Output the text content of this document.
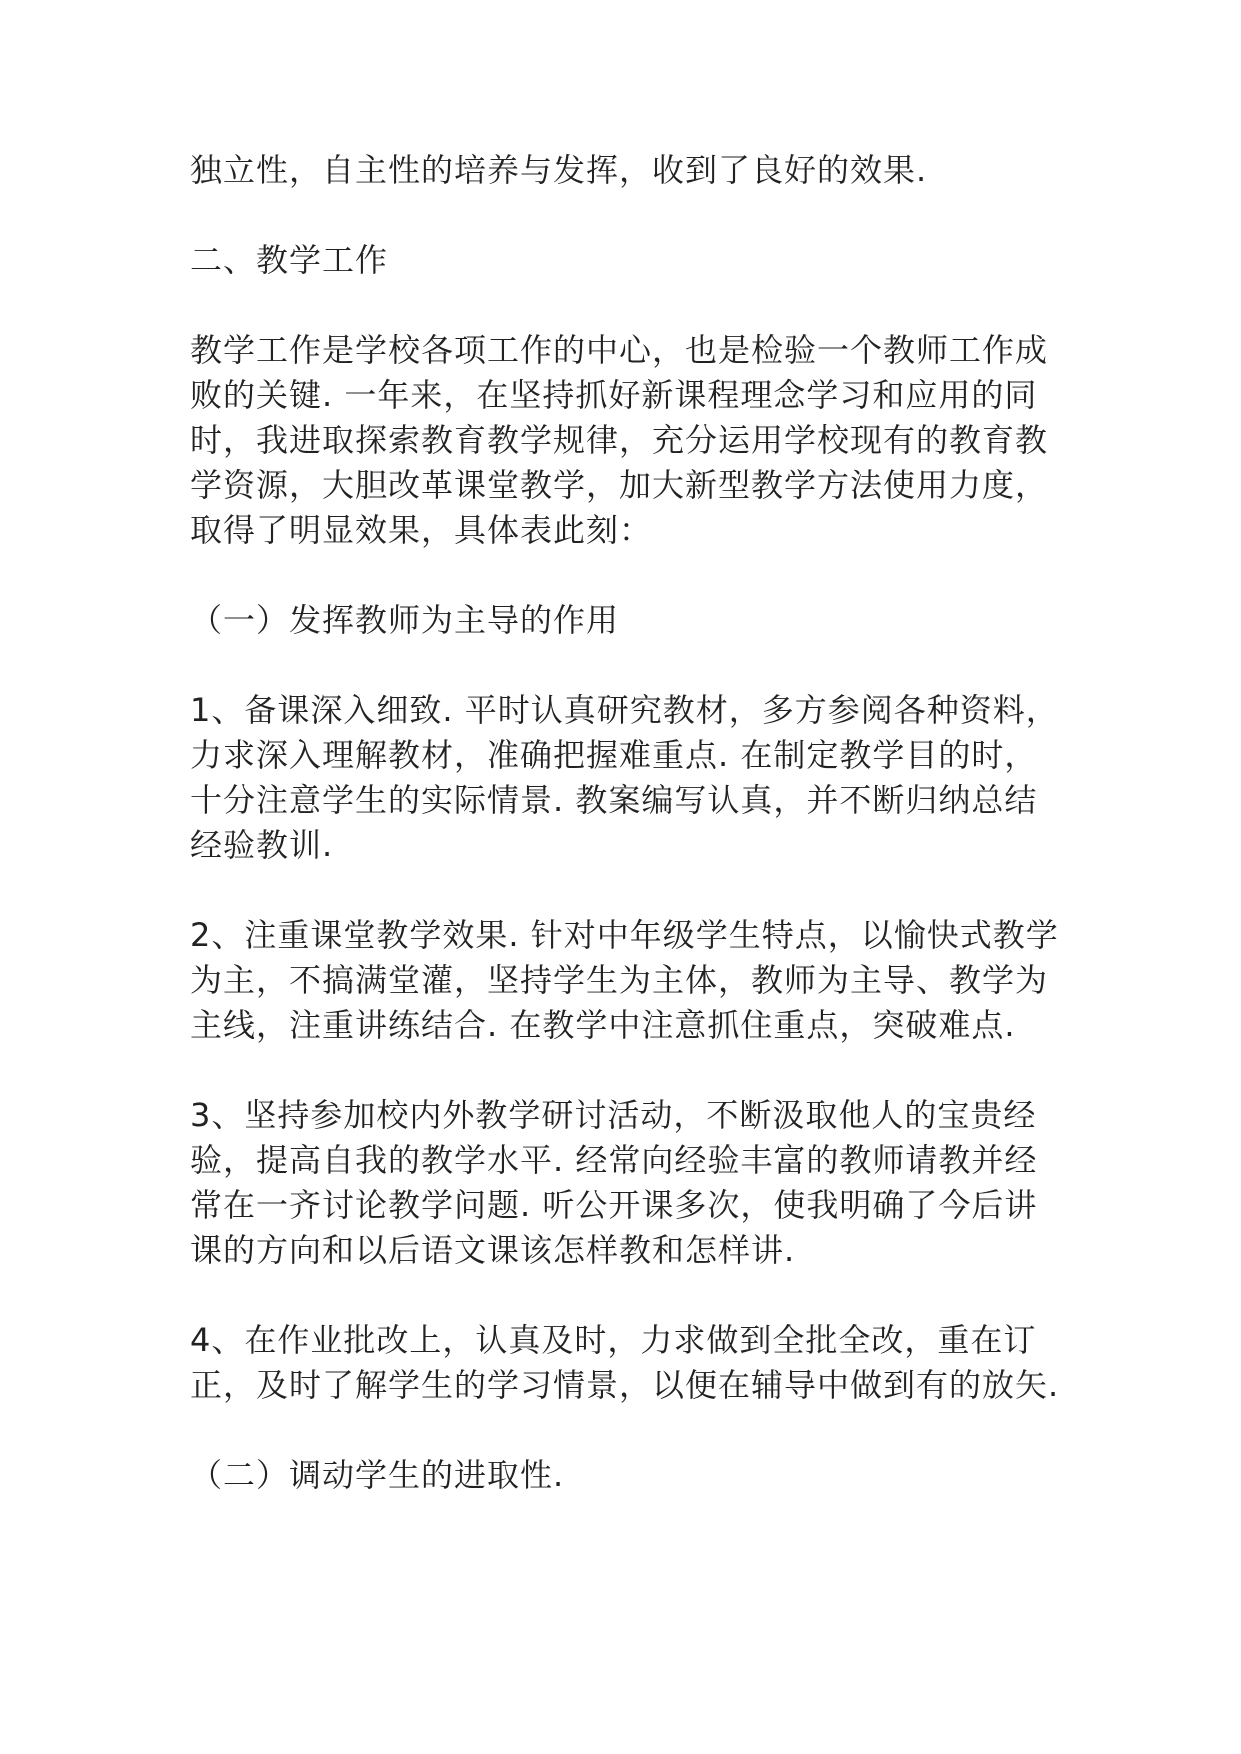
独立性，自主性的培养与发挥，收到了良好的效果.

二、教学工作

教学工作是学校各项工作的中心，也是检验一个教师工作成败的关键. 一年来，在坚持抓好新课程理念学习和应用的同时，我进取探索教育教学规律，充分运用学校现有的教育教学资源，大胆改革课堂教学，加大新型教学方法使用力度，取得了明显效果，具体表此刻：

（一）发挥教师为主导的作用

1、备课深入细致. 平时认真研究教材，多方参阅各种资料，力求深入理解教材，准确把握难重点. 在制定教学目的时，十分注意学生的实际情景. 教案编写认真，并不断归纳总结经验教训.

2、注重课堂教学效果. 针对中年级学生特点，以愉快式教学为主，不搞满堂灌，坚持学生为主体，教师为主导、教学为主线，注重讲练结合. 在教学中注意抓住重点，突破难点.

3、坚持参加校内外教学研讨活动，不断汲取他人的宝贵经验，提高自我的教学水平. 经常向经验丰富的教师请教并经常在一齐讨论教学问题. 听公开课多次，使我明确了今后讲课的方向和以后语文课该怎样教和怎样讲.

4、在作业批改上，认真及时，力求做到全批全改，重在订正，及时了解学生的学习情景，以便在辅导中做到有的放矢.

（二）调动学生的进取性.
